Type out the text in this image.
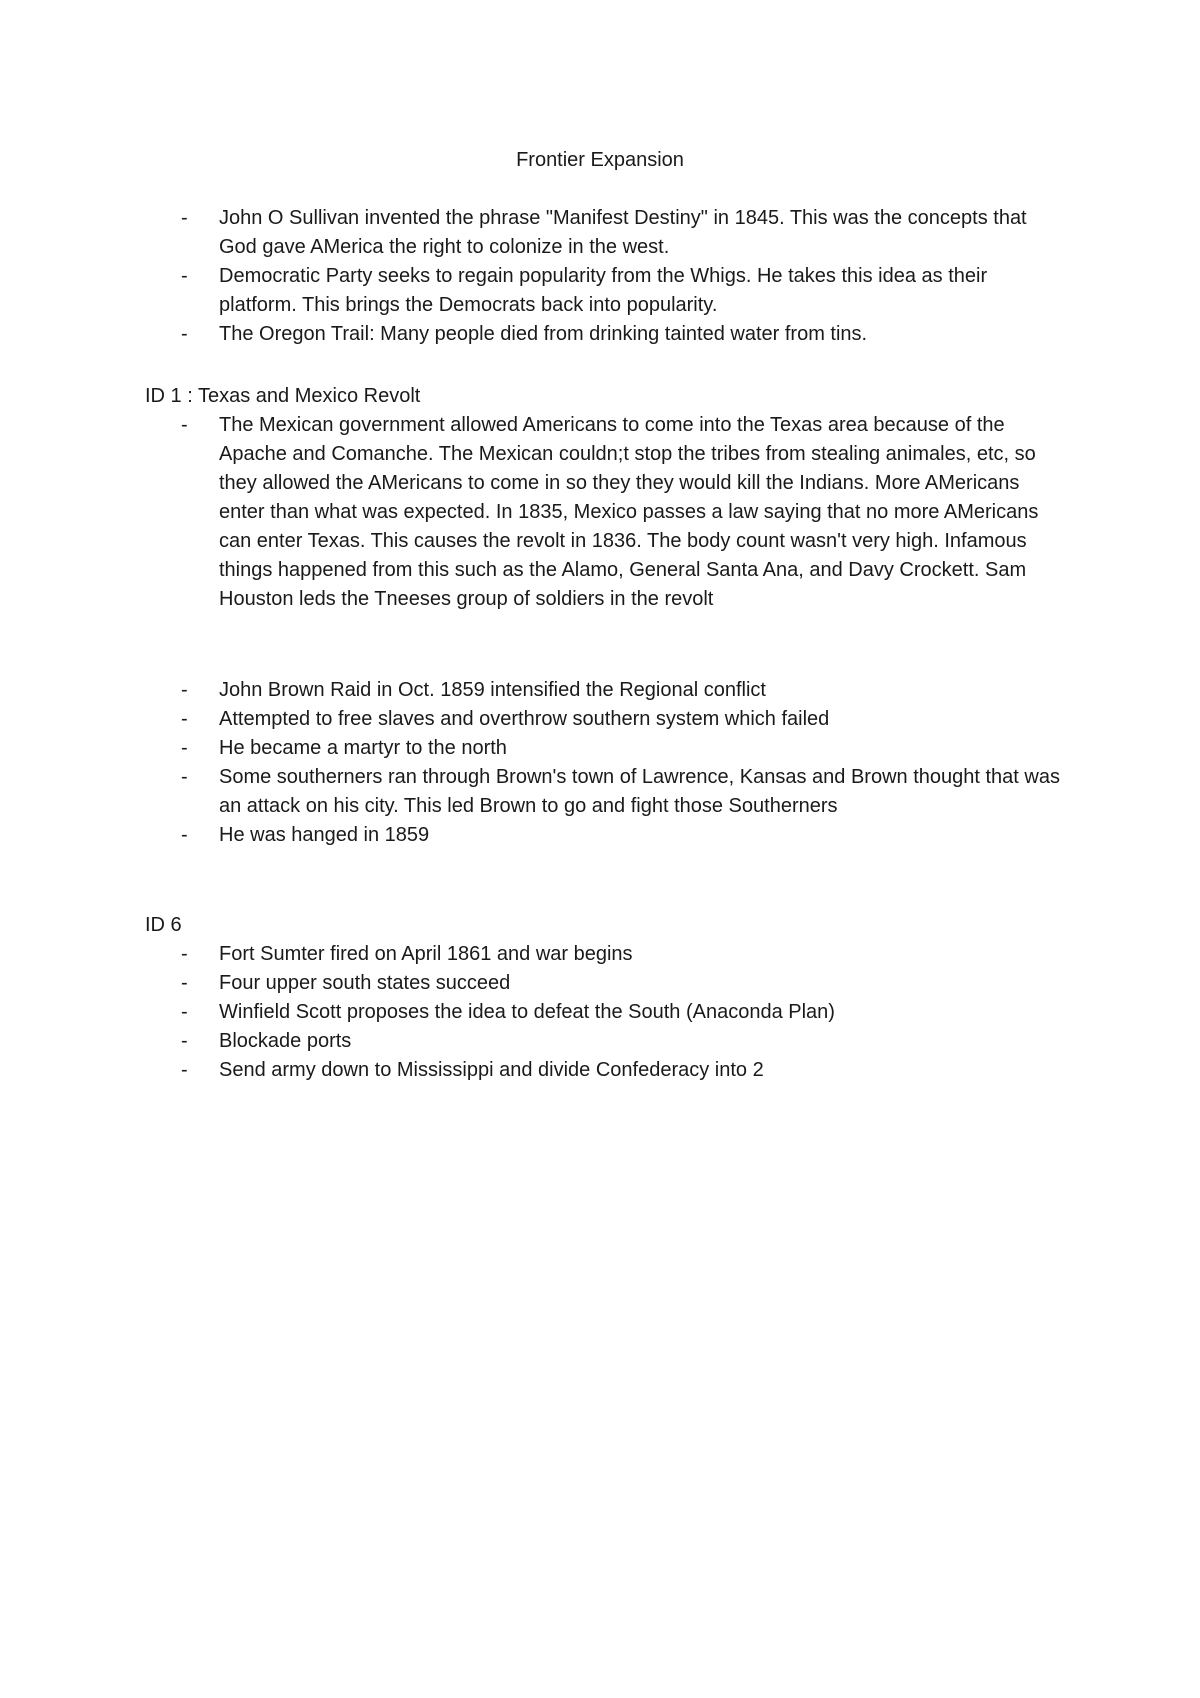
Frontier Expansion
- John O Sullivan invented the phrase "Manifest Destiny" in 1845. This was the concepts that God gave AMerica the right to colonize in the west.
- Democratic Party seeks to regain popularity from the Whigs. He takes this idea as their platform. This brings the Democrats back into popularity.
- The Oregon Trail: Many people died from drinking tainted water from tins.
ID 1 : Texas and Mexico Revolt
- The Mexican government allowed Americans to come into the Texas area because of the Apache and Comanche. The Mexican couldn;t stop the tribes from stealing animales, etc, so they allowed the AMericans to come in so they they would kill the Indians. More AMericans enter than what was expected. In 1835, Mexico passes a law saying that no more AMericans can enter Texas. This causes the revolt in 1836. The body count wasn't very high. Infamous things happened from this such as the Alamo, General Santa Ana, and Davy Crockett. Sam Houston leds the Tneeses group of soldiers in the revolt
- John Brown Raid in Oct. 1859 intensified the Regional conflict
- Attempted to free slaves and overthrow southern system which failed
- He became a martyr to the north
- Some southerners ran through Brown's town of Lawrence, Kansas and Brown thought that was an attack on his city. This led Brown to go and fight those Southerners
- He was hanged in 1859
ID 6
- Fort Sumter fired on April 1861 and war begins
- Four upper south states succeed
- Winfield Scott proposes the idea to defeat the South (Anaconda Plan)
- Blockade ports
- Send army down to Mississippi and divide Confederacy into 2
